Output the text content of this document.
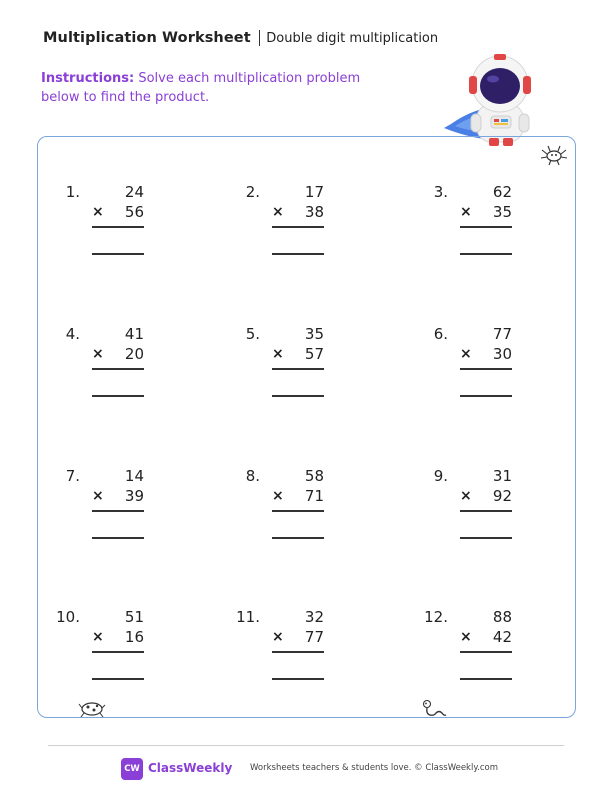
Multiplication Worksheet Double digit multiplication
Instructions: Solve each multiplication problem below to find the product.
1.	24
×	56
2.	17
×	38
3.	62
×	35
4.	41
×	20
5.	35
×	57
6.	77
×	30
7.	14
×	39
8.	58
×	71
9.	31
×	92
10.	51
×	16
11.	32
×	77
12.	88
×	42
CW ClassWeekly Worksheets teachers & students love. © ClassWeekly.com
